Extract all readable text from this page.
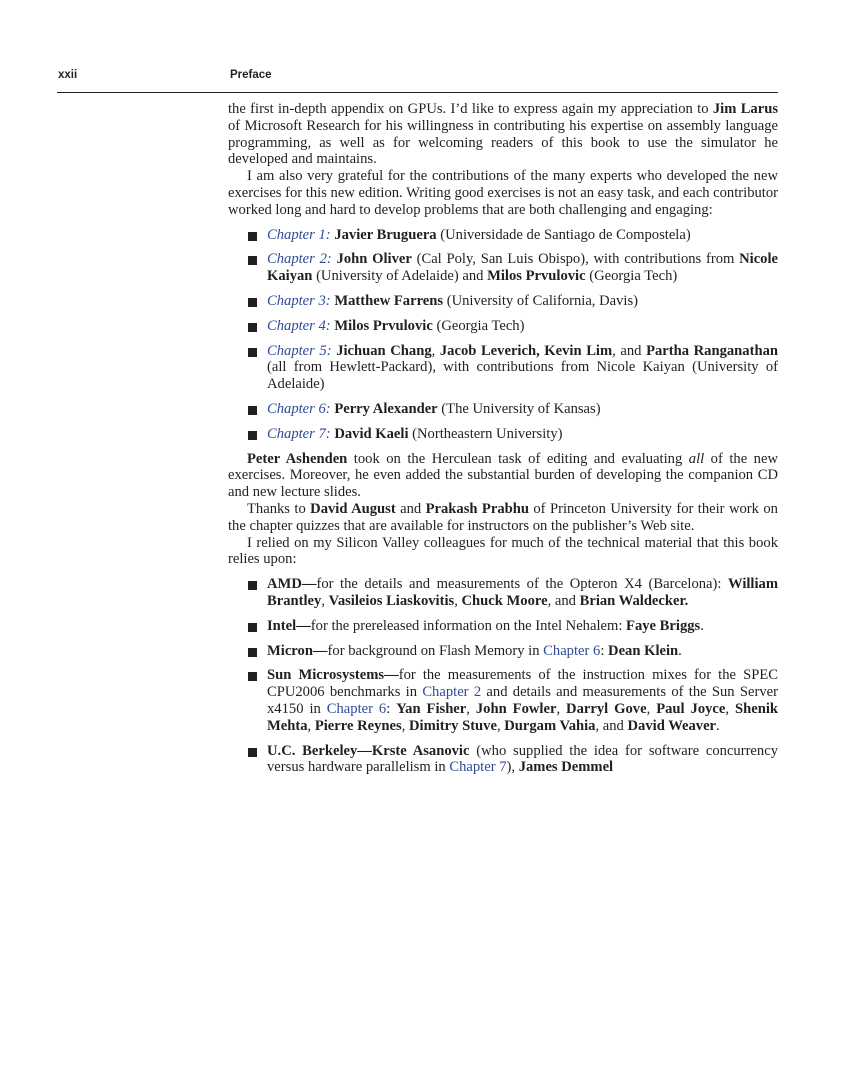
xxii	Preface

the first in-depth appendix on GPUs. I’d like to express again my appreciation to Jim Larus of Microsoft Research for his willingness in contributing his expertise on assembly language programming, as well as for welcoming readers of this book to use the simulator he developed and maintains.

I am also very grateful for the contributions of the many experts who developed the new exercises for this new edition. Writing good exercises is not an easy task, and each contributor worked long and hard to develop problems that are both challenging and engaging:

Chapter 1: Javier Bruguera (Universidade de Santiago de Compostela)
Chapter 2: John Oliver (Cal Poly, San Luis Obispo), with contributions from Nicole Kaiyan (University of Adelaide) and Milos Prvulovic (Georgia Tech)
Chapter 3: Matthew Farrens (University of California, Davis)
Chapter 4: Milos Prvulovic (Georgia Tech)
Chapter 5: Jichuan Chang, Jacob Leverich, Kevin Lim, and Partha Ranganathan (all from Hewlett-Packard), with contributions from Nicole Kaiyan (University of Adelaide)
Chapter 6: Perry Alexander (The University of Kansas)
Chapter 7: David Kaeli (Northeastern University)

Peter Ashenden took on the Herculean task of editing and evaluating all of the new exercises. Moreover, he even added the substantial burden of developing the companion CD and new lecture slides.

Thanks to David August and Prakash Prabhu of Princeton University for their work on the chapter quizzes that are available for instructors on the publisher’s Web site.

I relied on my Silicon Valley colleagues for much of the technical material that this book relies upon:

AMD—for the details and measurements of the Opteron X4 (Barcelona): William Brantley, Vasileios Liaskovitis, Chuck Moore, and Brian Waldecker.
Intel—for the prereleased information on the Intel Nehalem: Faye Briggs.
Micron—for background on Flash Memory in Chapter 6: Dean Klein.
Sun Microsystems—for the measurements of the instruction mixes for the SPEC CPU2006 benchmarks in Chapter 2 and details and measurements of the Sun Server x4150 in Chapter 6: Yan Fisher, John Fowler, Darryl Gove, Paul Joyce, Shenik Mehta, Pierre Reynes, Dimitry Stuve, Durgam Vahia, and David Weaver.
U.C. Berkeley—Krste Asanovic (who supplied the idea for software concurrency versus hardware parallelism in Chapter 7), James Demmel
